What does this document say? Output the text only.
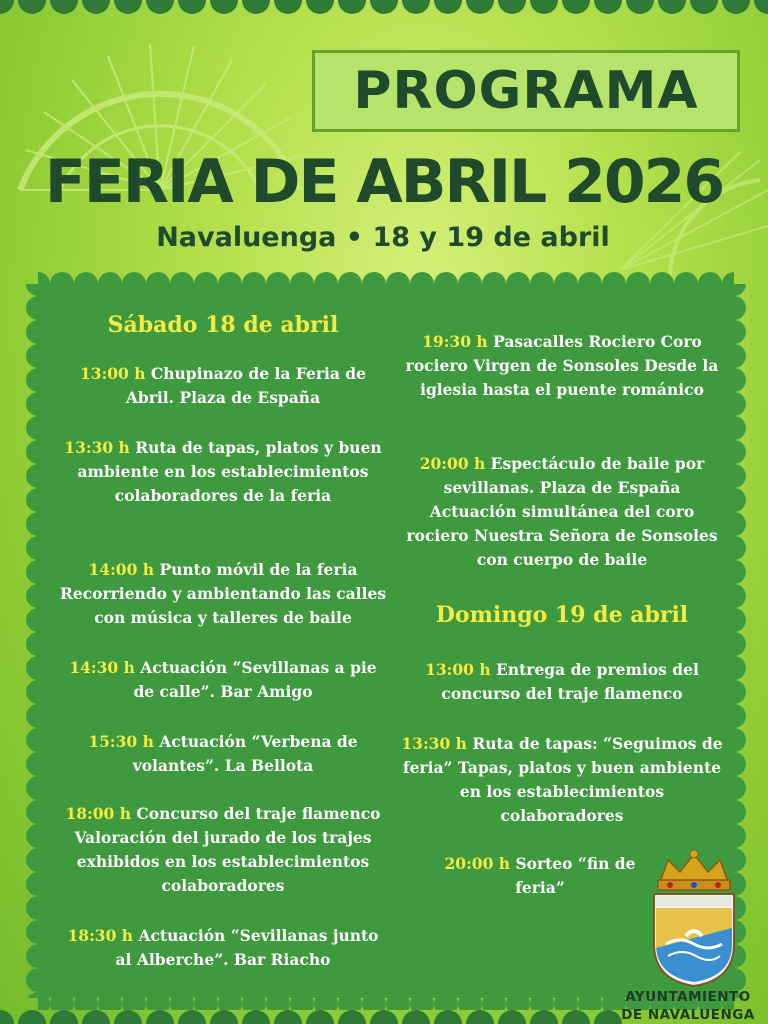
PROGRAMA
FERIA DE ABRIL 2026
Navaluenga • 18 y 19 de abril
Sábado 18 de abril

13:00 h Chupinazo de la Feria de Abril. Plaza de España

13:30 h Ruta de tapas, platos y buen ambiente en los establecimientos colaboradores de la feria

14:00 h Punto móvil de la feria Recorriendo y ambientando las calles con música y talleres de baile

14:30 h Actuación “Sevillanas a pie de calle”. Bar Amigo

15:30 h Actuación “Verbena de volantes”. La Bellota

18:00 h Concurso del traje flamenco Valoración del jurado de los trajes exhibidos en los establecimientos colaboradores

18:30 h Actuación “Sevillanas junto al Alberche”. Bar Riacho

19:30 h Pasacalles Rociero Coro rociero Virgen de Sonsoles Desde la iglesia hasta el puente románico

20:00 h Espectáculo de baile por sevillanas. Plaza de España Actuación simultánea del coro rociero Nuestra Señora de Sonsoles con cuerpo de baile

Domingo 19 de abril

13:00 h Entrega de premios del concurso del traje flamenco

13:30 h Ruta de tapas: “Seguimos de feria” Tapas, platos y buen ambiente en los establecimientos colaboradores

20:00 h Sorteo “fin de feria”

AYUNTAMIENTO
DE NAVALUENGA
